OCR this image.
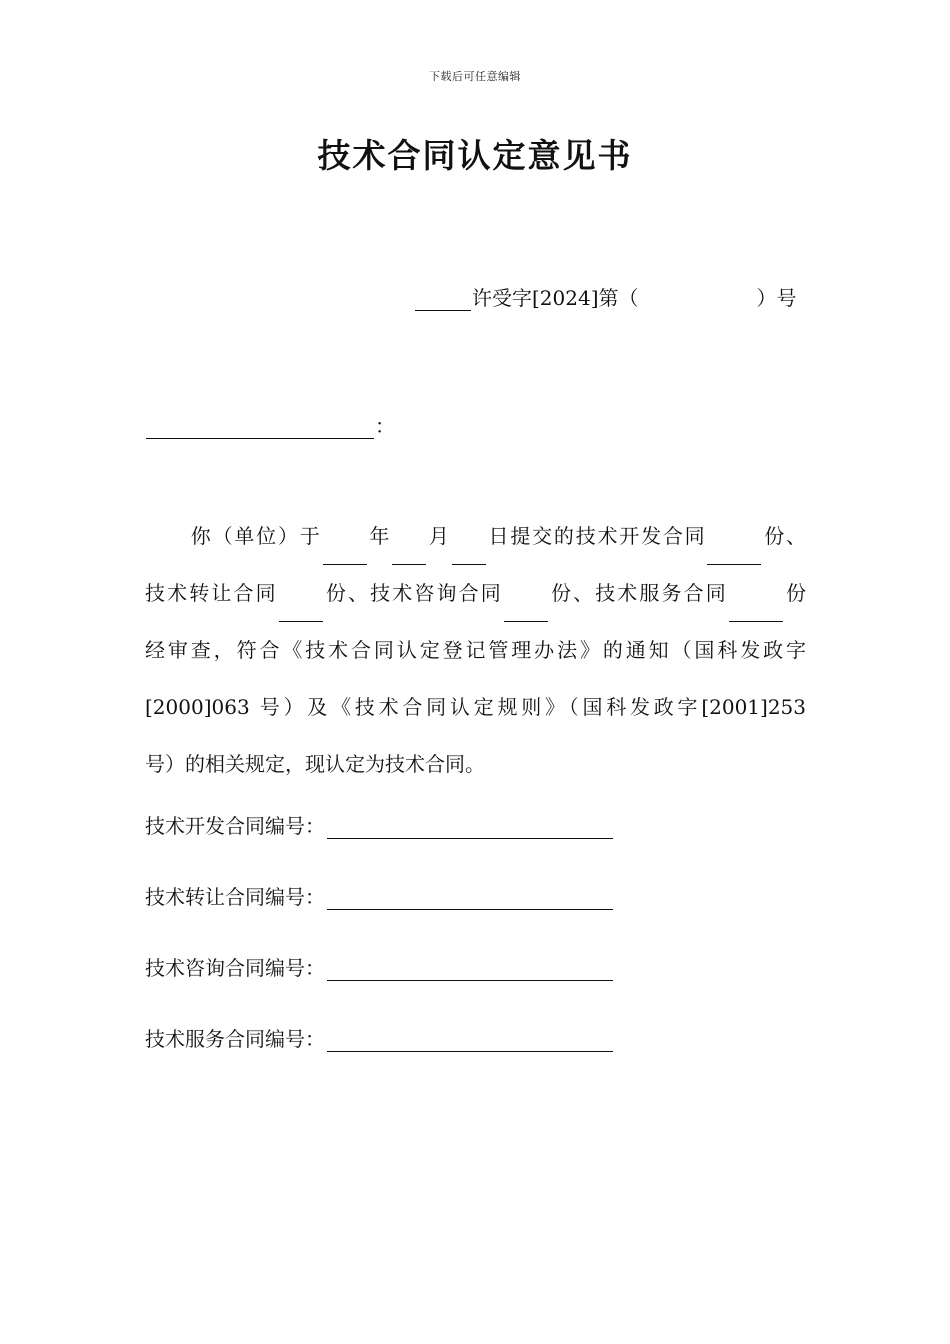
下载后可任意编辑
技术合同认定意见书
许受字[2024]第（	）号
：
你（单位）于 年 月 日提交的技术开发合同	份、
技术转让合同 份、技术咨询合同 份、技术服务合同	份
经审查，符合《技术合同认定登记管理办法》的通知（国科发政字
[2000]063 号）及《技术合同认定规则》（国科发政字[2001]253
号）的相关规定，现认定为技术合同。
技术开发合同编号：
技术转让合同编号：
技术咨询合同编号：
技术服务合同编号：
